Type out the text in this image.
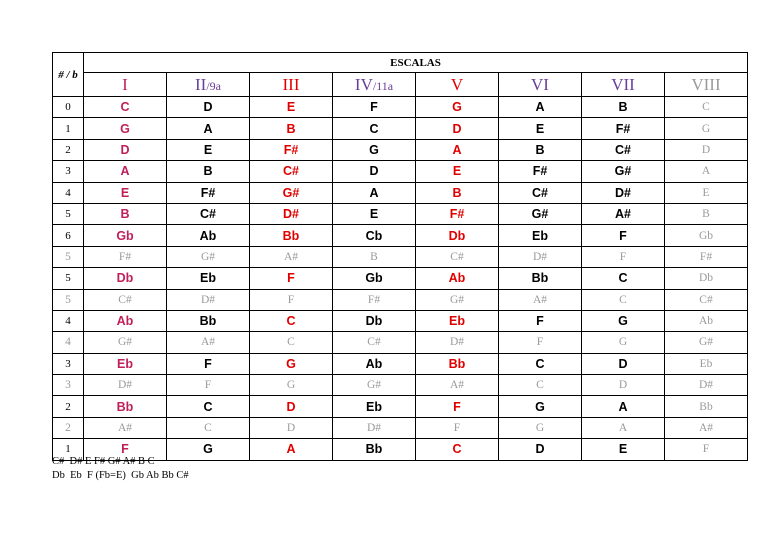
# / b	ESCALAS							
	I	II/9a	III	IV/11a	V	VI	VII	VIII
0	C	D	E	F	G	A	B	C
1	G	A	B	C	D	E	F#	G
2	D	E	F#	G	A	B	C#	D
3	A	B	C#	D	E	F#	G#	A
4	E	F#	G#	A	B	C#	D#	E
5	B	C#	D#	E	F#	G#	A#	B
6	Gb	Ab	Bb	Cb	Db	Eb	F	Gb
5	F#	G#	A#	B	C#	D#	F	F#
5	Db	Eb	F	Gb	Ab	Bb	C	Db
5	C#	D#	F	F#	G#	A#	C	C#
4	Ab	Bb	C	Db	Eb	F	G	Ab
4	G#	A#	C	C#	D#	F	G	G#
3	Eb	F	G	Ab	Bb	C	D	Eb
3	D#	F	G	G#	A#	C	D	D#
2	Bb	C	D	Eb	F	G	A	Bb
2	A#	C	D	D#	F	G	A	A#
1	F	G	A	Bb	C	D	E	F
C#  D# E F# G# A# B C
Db  Eb  F (Fb=E)  Gb Ab Bb C#
